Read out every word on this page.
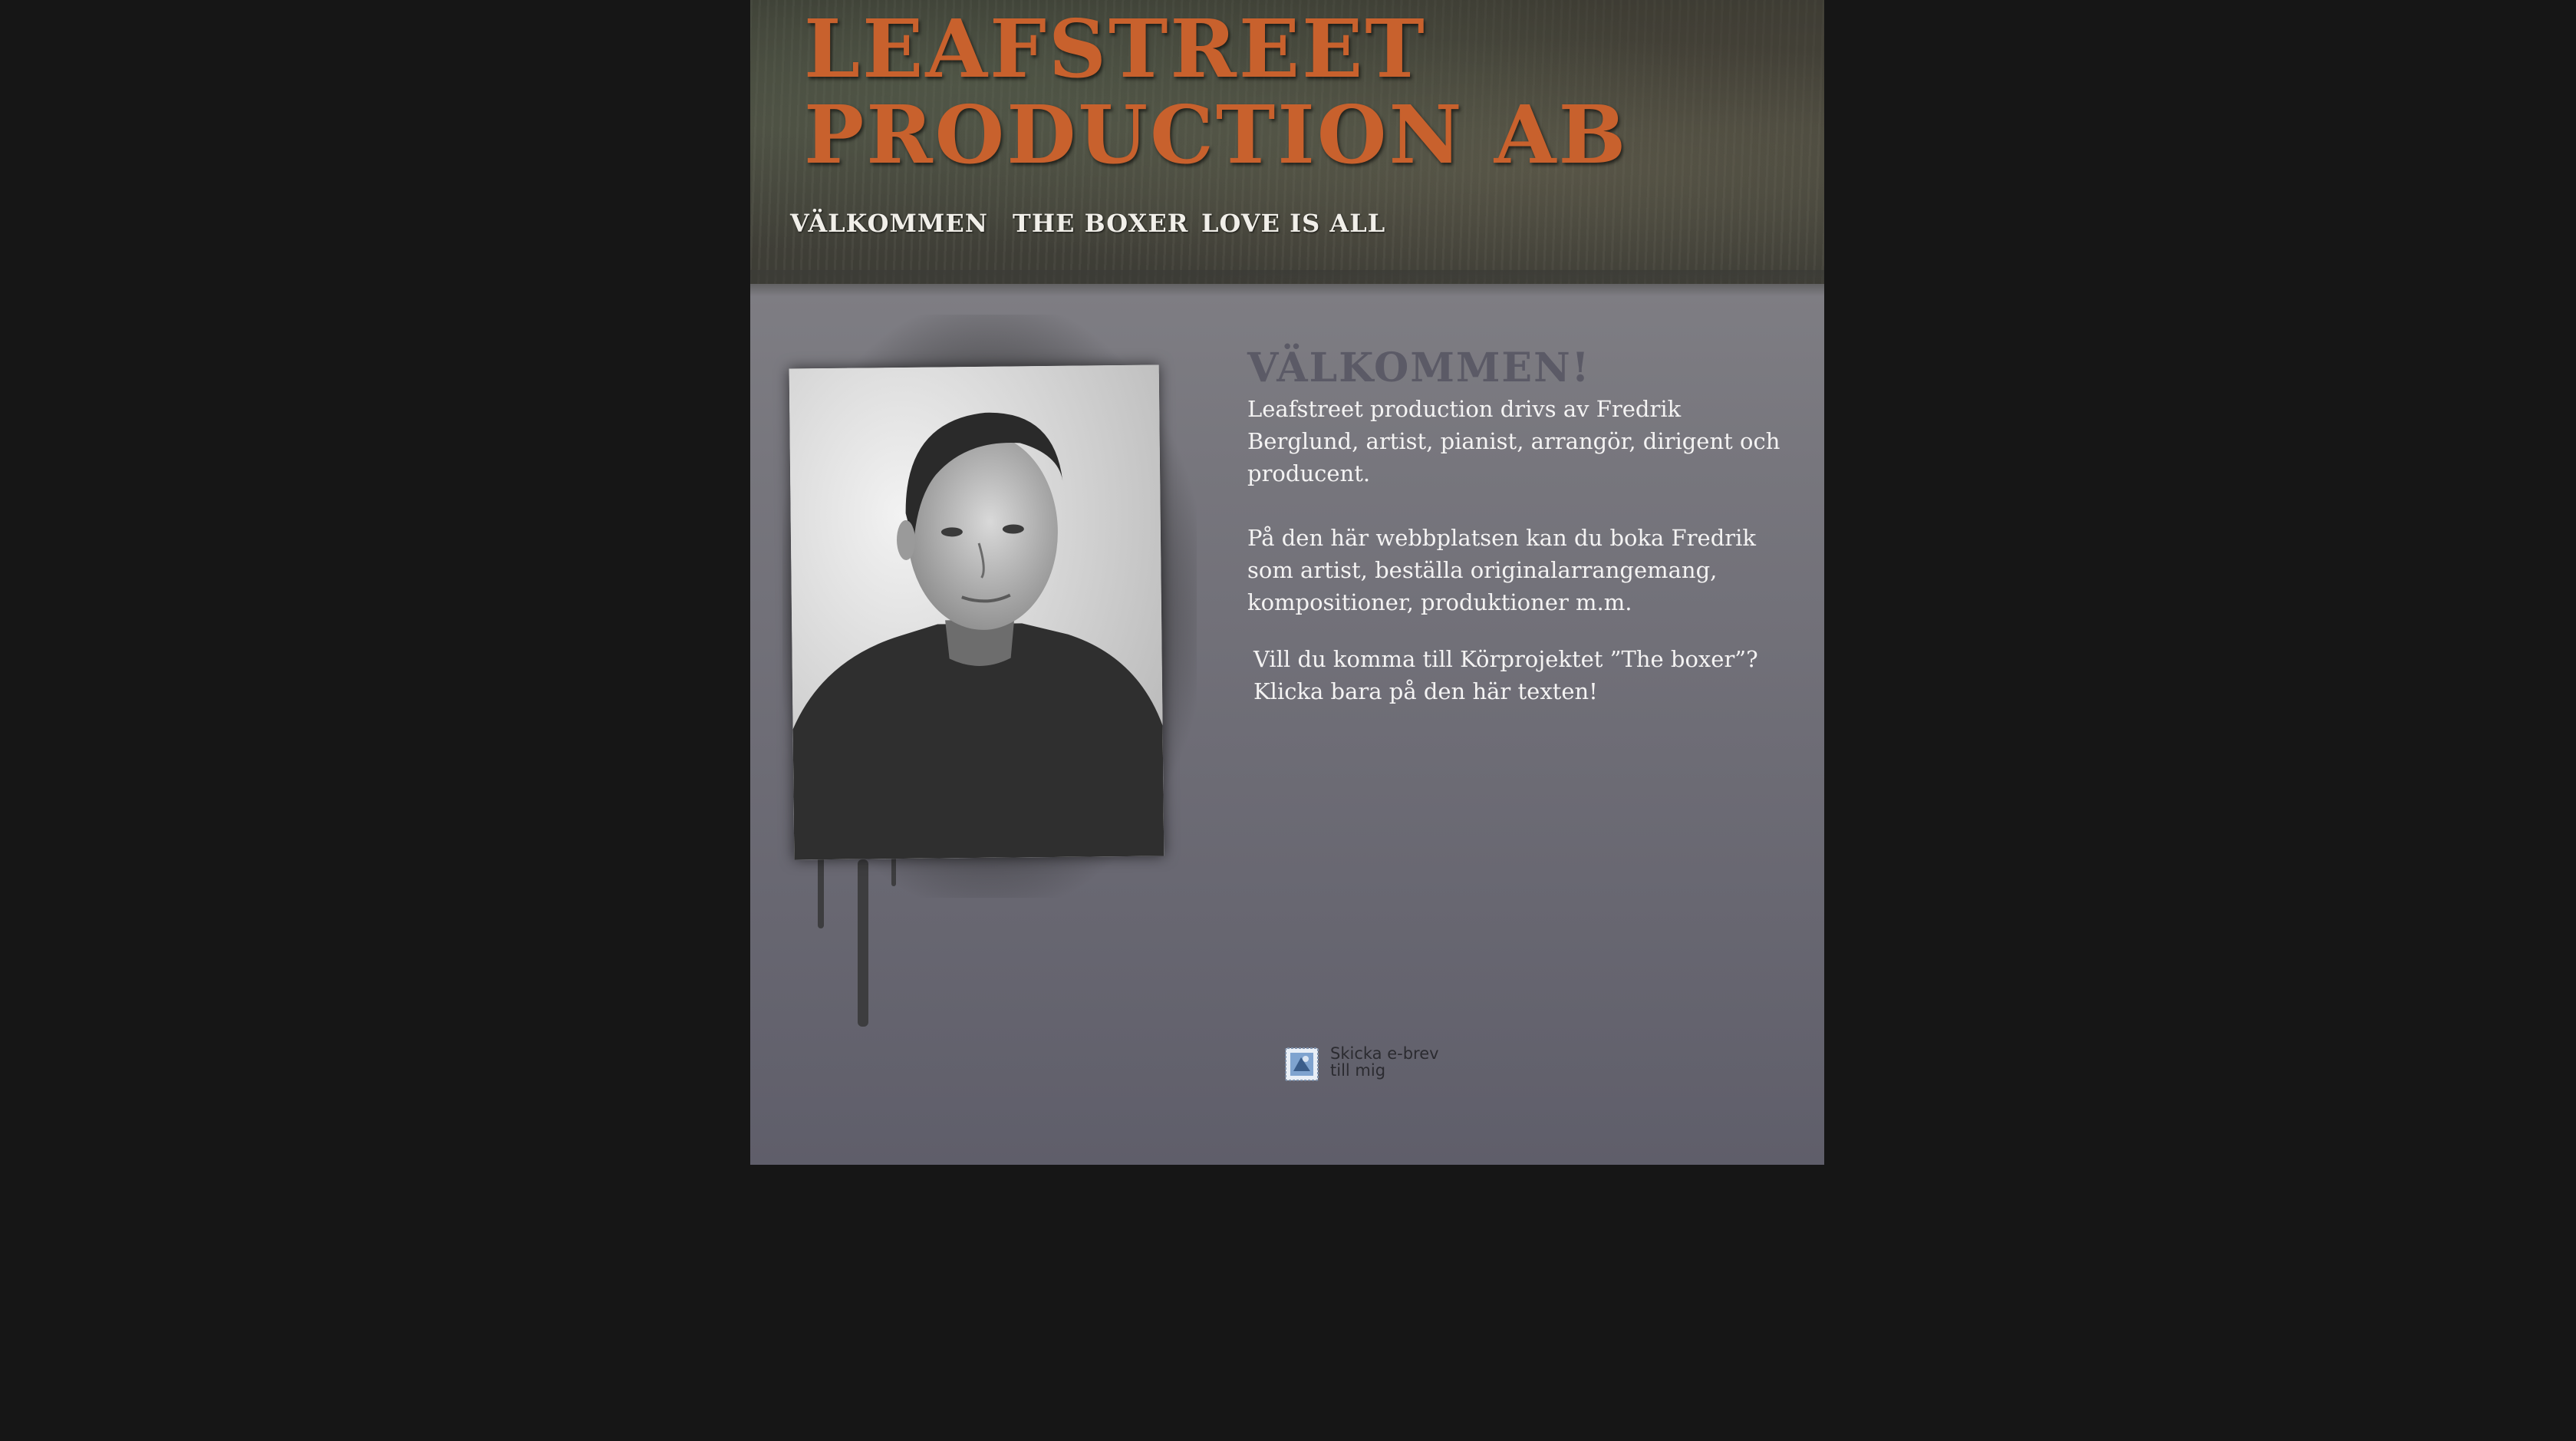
LEAFSTREET
PRODUCTION AB
VÄLKOMMEN THE BOXER LOVE IS ALL
VÄLKOMMEN!

Leafstreet production drivs av Fredrik Berglund, artist, pianist, arrangör, dirigent och producent.

På den här webbplatsen kan du boka Fredrik som artist, beställa originalarrangemang, kompositioner, produktioner m.m.

Vill du komma till Körprojektet ”The boxer”?

Klicka bara på den här texten!

Skicka e-brev
till mig
